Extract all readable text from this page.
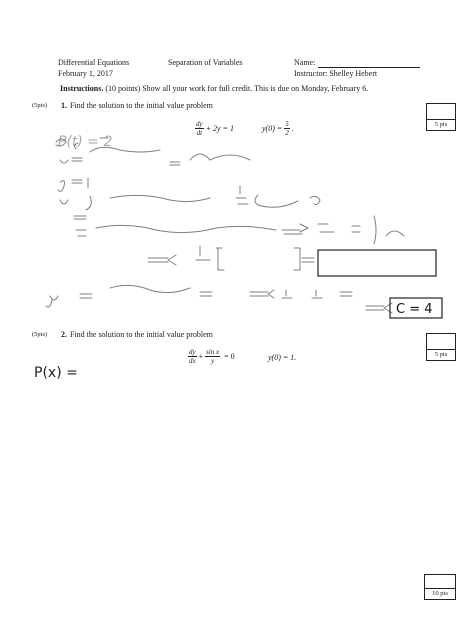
Differential Equations
February 1, 2017
Separation of Variables	Name:
Instructor: Shelley Hebert
Instructions. (10 points) Show all your work for full credit. This is due on Monday, February 6.
(5pts) 1. Find the solution to the initial value problem
$\frac{dy}{dt} + 2y = 1$	$y(0) = \frac{5}{2}$ .	5 pts
(5pts) 2. Find the solution to the initial value problem
$\frac{dy}{dx} + \frac{\text{sin x}}{y} = 0$	y(0) = 1.	5 pts
10 pts
P(t) = 2
C = 4
P(x) =
